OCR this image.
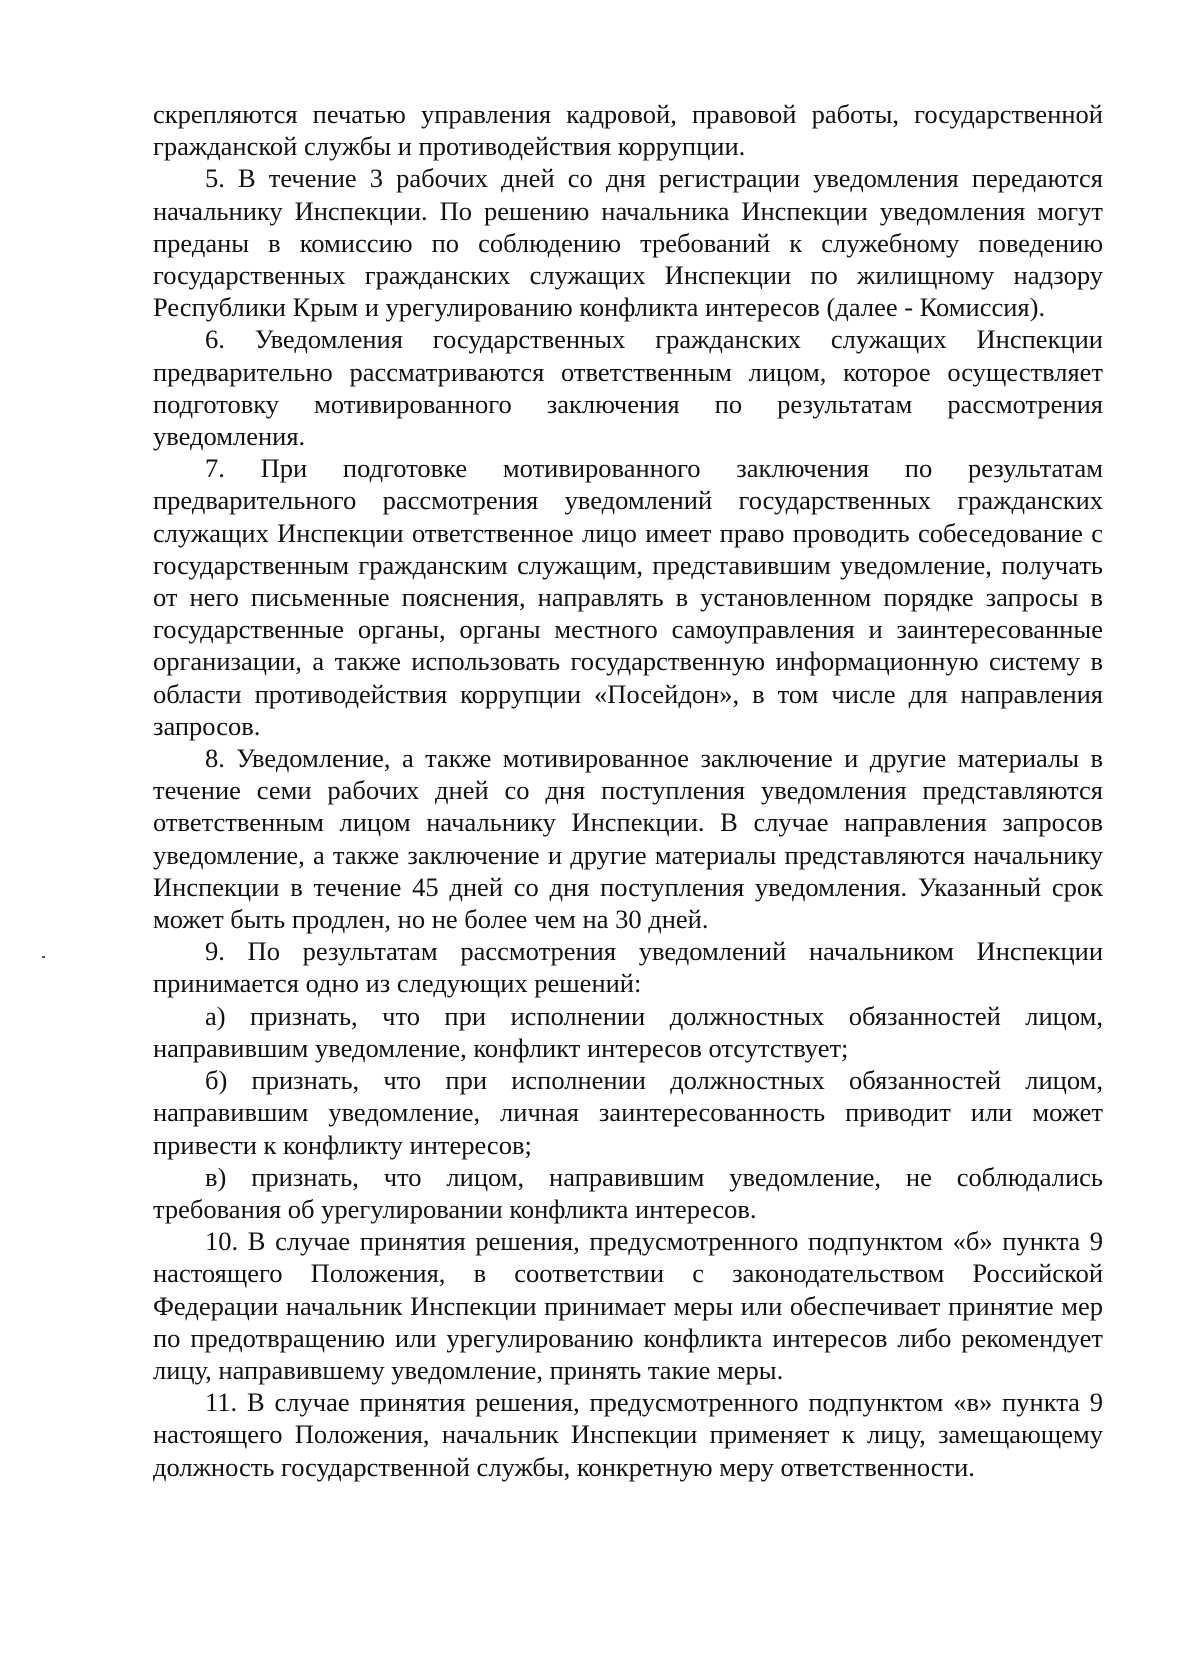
скрепляются печатью управления кадровой, правовой работы, государственной гражданской службы и противодействия коррупции.

5. В течение 3 рабочих дней со дня регистрации уведомления передаются начальнику Инспекции. По решению начальника Инспекции уведомления могут преданы в комиссию по соблюдению требований к служебному поведению государственных гражданских служащих Инспекции по жилищному надзору Республики Крым и урегулированию конфликта интересов (далее - Комиссия).

6. Уведомления государственных гражданских служащих Инспекции предварительно рассматриваются ответственным лицом, которое осуществляет подготовку мотивированного заключения по результатам рассмотрения уведомления.

7. При подготовке мотивированного заключения по результатам предварительного рассмотрения уведомлений государственных гражданских служащих Инспекции ответственное лицо имеет право проводить собеседование с государственным гражданским служащим, представившим уведомление, получать от него письменные пояснения, направлять в установленном порядке запросы в государственные органы, органы местного самоуправления и заинтересованные организации, а также использовать государственную информационную систему в области противодействия коррупции «Посейдон», в том числе для направления запросов.

8. Уведомление, а также мотивированное заключение и другие материалы в течение семи рабочих дней со дня поступления уведомления представляются ответственным лицом начальнику Инспекции. В случае направления запросов уведомление, а также заключение и другие материалы представляются начальнику Инспекции в течение 45 дней со дня поступления уведомления. Указанный срок может быть продлен, но не более чем на 30 дней.

9. По результатам рассмотрения уведомлений начальником Инспекции принимается одно из следующих решений:

а) признать, что при исполнении должностных обязанностей лицом, направившим уведомление, конфликт интересов отсутствует;

б) признать, что при исполнении должностных обязанностей лицом, направившим уведомление, личная заинтересованность приводит или может привести к конфликту интересов;

в) признать, что лицом, направившим уведомление, не соблюдались требования об урегулировании конфликта интересов.

10. В случае принятия решения, предусмотренного подпунктом «б» пункта 9 настоящего Положения, в соответствии с законодательством Российской Федерации начальник Инспекции принимает меры или обеспечивает принятие мер по предотвращению или урегулированию конфликта интересов либо рекомендует лицу, направившему уведомление, принять такие меры.

11. В случае принятия решения, предусмотренного подпунктом «в» пункта 9 настоящего Положения, начальник Инспекции применяет к лицу, замещающему должность государственной службы, конкретную меру ответственности.
